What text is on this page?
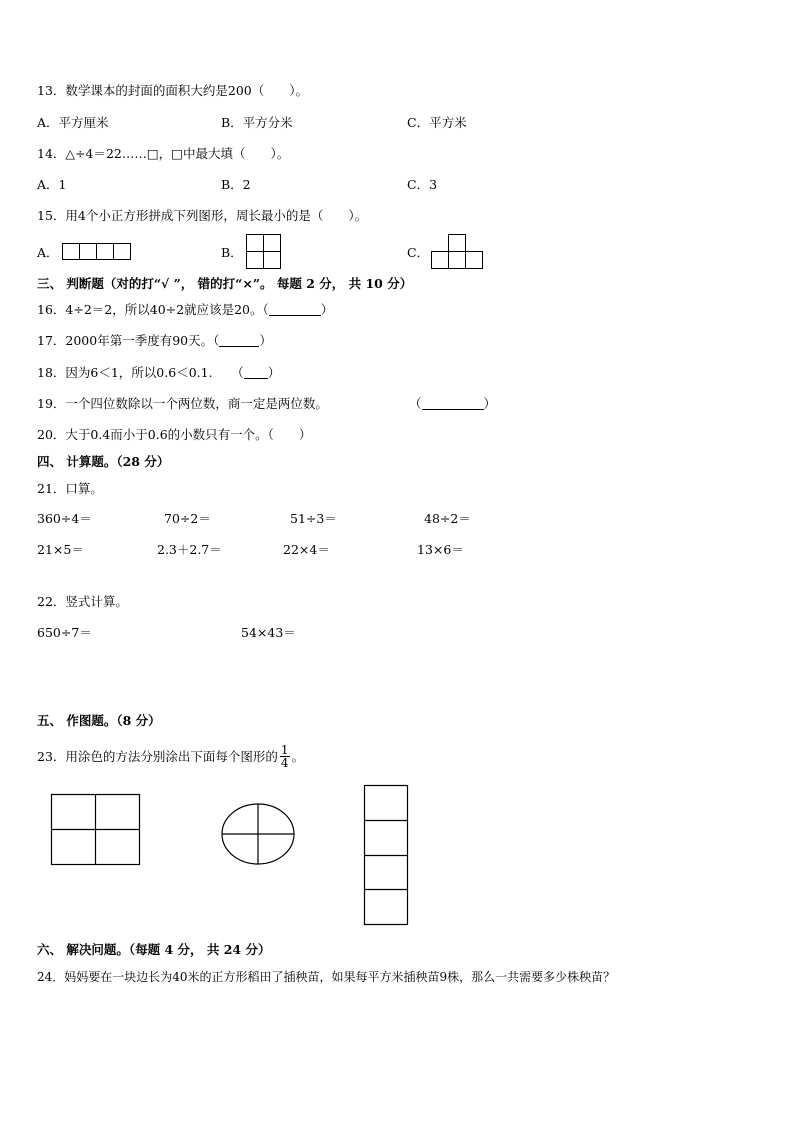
13．数学课本的封面的面积大约是200（　　）。
A．平方厘米	B．平方分米	C．平方米
14．△÷4＝22……□，□中最大填（　　）。
A．1	B．2	C．3
15．用4个小正方形拼成下列图形，周长最小的是（　　）。
A．	B．	C．
三、 判断题（对的打“√ ”， 错的打“×”。 每题 2 分， 共 10 分）
16．4÷2＝2，所以40÷2就应该是20。（	）
17．2000年第一季度有90天。（	）
18．因为6＜1，所以0.6＜0.1.　　（ ）
19．一个四位数除以一个两位数，商一定是两位数。	（	）
20．大于0.4而小于0.6的小数只有一个。（　　）
四、 计算题。（28 分）
21．口算。
360÷4＝	70÷2＝	51÷3＝	48÷2＝
21×5＝	2.3＋2.7＝	22×4＝	13×6＝
22．竖式计算。
650÷7＝	54×43＝
五、 作图题。（8 分）
23．用涂色的方法分别涂出下面每个图形的 $\frac{1}{4}$ 。
六、 解决问题。（每题 4 分， 共 24 分）
24．妈妈要在一块边长为40米的正方形稻田了插秧苗，如果每平方米插秧苗9株，那么一共需要多少株秧苗？
